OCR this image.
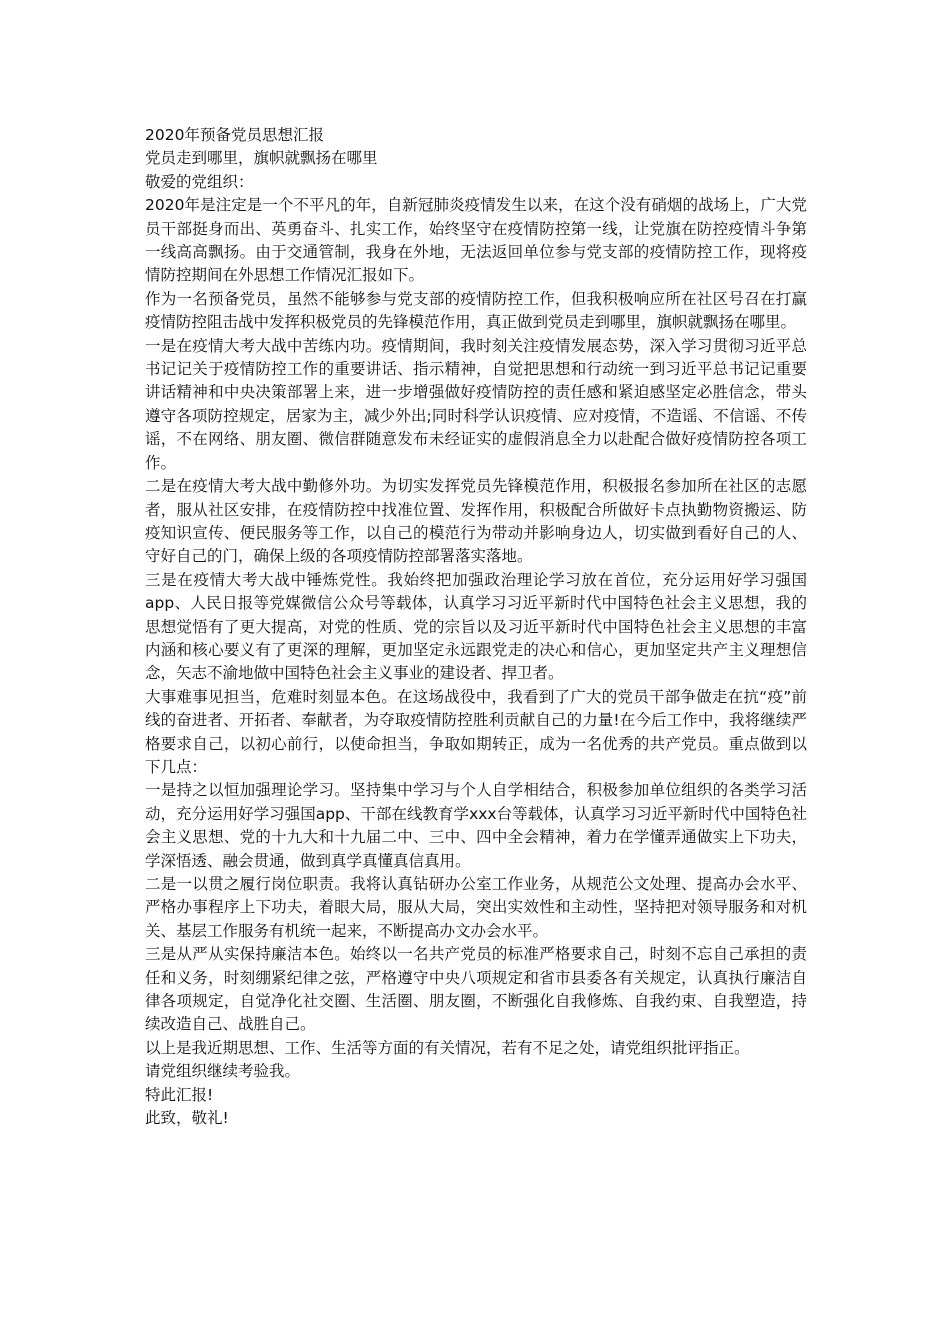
2020年预备党员思想汇报

党员走到哪里，旗帜就飘扬在哪里

敬爱的党组织：

2020年是注定是一个不平凡的年，自新冠肺炎疫情发生以来，在这个没有硝烟的战场上，广大党员干部挺身而出、英勇奋斗、扎实工作，始终坚守在疫情防控第一线，让党旗在防控疫情斗争第一线高高飘扬。由于交通管制，我身在外地，无法返回单位参与党支部的疫情防控工作，现将疫情防控期间在外思想工作情况汇报如下。

作为一名预备党员，虽然不能够参与党支部的疫情防控工作，但我积极响应所在社区号召在打赢疫情防控阻击战中发挥积极党员的先锋模范作用，真正做到党员走到哪里，旗帜就飘扬在哪里。

一是在疫情大考大战中苦练内功。疫情期间，我时刻关注疫情发展态势，深入学习贯彻习近平总书记记关于疫情防控工作的重要讲话、指示精神，自觉把思想和行动统一到习近平总书记记重要讲话精神和中央决策部署上来，进一步增强做好疫情防控的责任感和紧迫感坚定必胜信念，带头遵守各项防控规定，居家为主，减少外出;同时科学认识疫情、应对疫情，不造谣、不信谣、不传谣，不在网络、朋友圈、微信群随意发布未经证实的虚假消息全力以赴配合做好疫情防控各项工作。

二是在疫情大考大战中勤修外功。为切实发挥党员先锋模范作用，积极报名参加所在社区的志愿者，服从社区安排，在疫情防控中找准位置、发挥作用，积极配合所做好卡点执勤物资搬运、防疫知识宣传、便民服务等工作，以自己的模范行为带动并影响身边人，切实做到看好自己的人、守好自己的门，确保上级的各项疫情防控部署落实落地。

三是在疫情大考大战中锤炼党性。我始终把加强政治理论学习放在首位，充分运用好学习强国app、人民日报等党媒微信公众号等载体，认真学习习近平新时代中国特色社会主义思想，我的思想觉悟有了更大提高，对党的性质、党的宗旨以及习近平新时代中国特色社会主义思想的丰富内涵和核心要义有了更深的理解，更加坚定永远跟党走的决心和信心，更加坚定共产主义理想信念，矢志不渝地做中国特色社会主义事业的建设者、捍卫者。

大事难事见担当，危难时刻显本色。在这场战役中，我看到了广大的党员干部争做走在抗“疫”前线的奋进者、开拓者、奉献者，为夺取疫情防控胜利贡献自己的力量!在今后工作中，我将继续严格要求自己，以初心前行，以使命担当，争取如期转正，成为一名优秀的共产党员。重点做到以下几点：

一是持之以恒加强理论学习。坚持集中学习与个人自学相结合，积极参加单位组织的各类学习活动，充分运用好学习强国app、干部在线教育学xxx台等载体，认真学习习近平新时代中国特色社会主义思想、党的十九大和十九届二中、三中、四中全会精神，着力在学懂弄通做实上下功夫，学深悟透、融会贯通，做到真学真懂真信真用。

二是一以贯之履行岗位职责。我将认真钻研办公室工作业务，从规范公文处理、提高办会水平、严格办事程序上下功夫，着眼大局，服从大局，突出实效性和主动性，坚持把对领导服务和对机关、基层工作服务有机统一起来，不断提高办文办会水平。

三是从严从实保持廉洁本色。始终以一名共产党员的标准严格要求自己，时刻不忘自己承担的责任和义务，时刻绷紧纪律之弦，严格遵守中央八项规定和省市县委各有关规定，认真执行廉洁自律各项规定，自觉净化社交圈、生活圈、朋友圈，不断强化自我修炼、自我约束、自我塑造，持续改造自己、战胜自己。

以上是我近期思想、工作、生活等方面的有关情况，若有不足之处，请党组织批评指正。

请党组织继续考验我。

特此汇报!

此致，敬礼!
